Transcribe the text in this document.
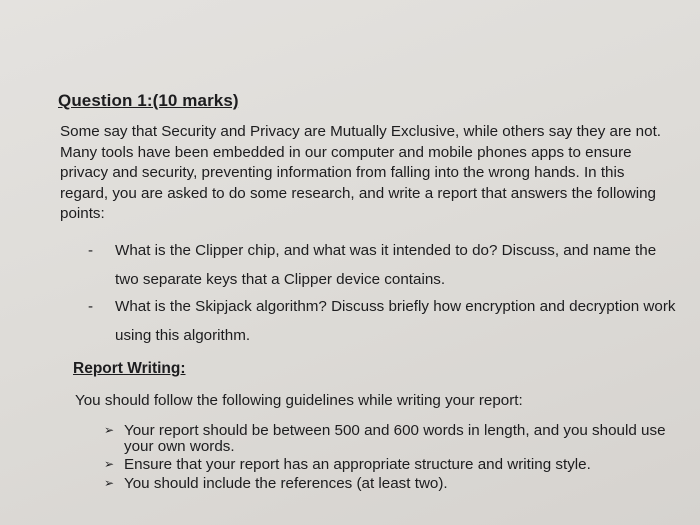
Question 1:(10 marks)
Some say that Security and Privacy are Mutually Exclusive, while others say they are not. Many tools have been embedded in our computer and mobile phones apps to ensure privacy and security, preventing information from falling into the wrong hands. In this regard, you are asked to do some research, and write a report that answers the following points:
- What is the Clipper chip, and what was it intended to do? Discuss, and name the two separate keys that a Clipper device contains.
- What is the Skipjack algorithm? Discuss briefly how encryption and decryption work using this algorithm.
Report Writing:
You should follow the following guidelines while writing your report:
➢ Your report should be between 500 and 600 words in length, and you should use your own words.
➢ Ensure that your report has an appropriate structure and writing style.
➢ You should include the references (at least two).
